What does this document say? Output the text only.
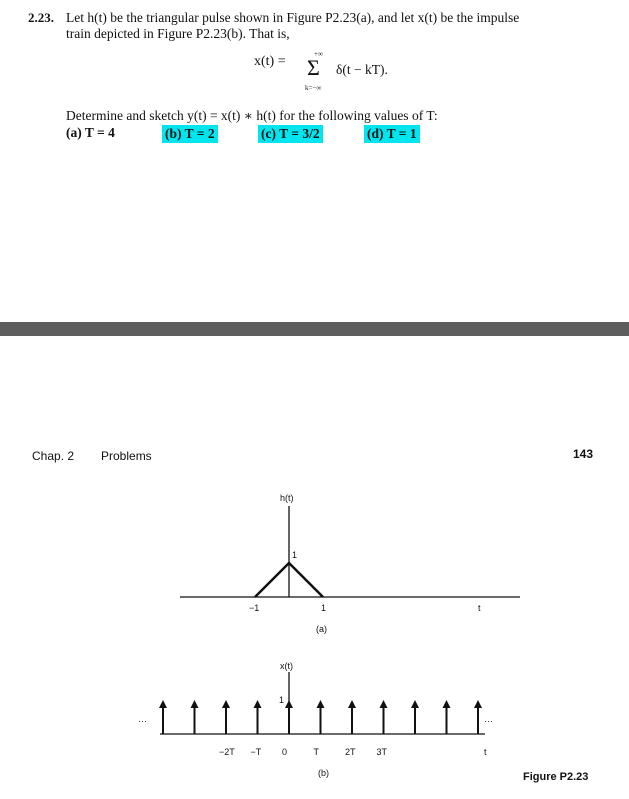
2.23. Let h(t) be the triangular pulse shown in Figure P2.23(a), and let x(t) be the impulse
train depicted in Figure P2.23(b). That is,
x(t) =	+∞
Σ
k=−∞
δ(t − kT).
Determine and sketch y(t) = x(t) ∗ h(t) for the following values of T:
(a) T = 4	(b) T = 2	(c) T = 3/2	(d) T = 1
Chap. 2 Problems	143
h(t)
1
−1	1	t
(a)
x(t)
1
···	···
−2T −T 0	T	2T 3T	t
(b)	Figure P2.23
